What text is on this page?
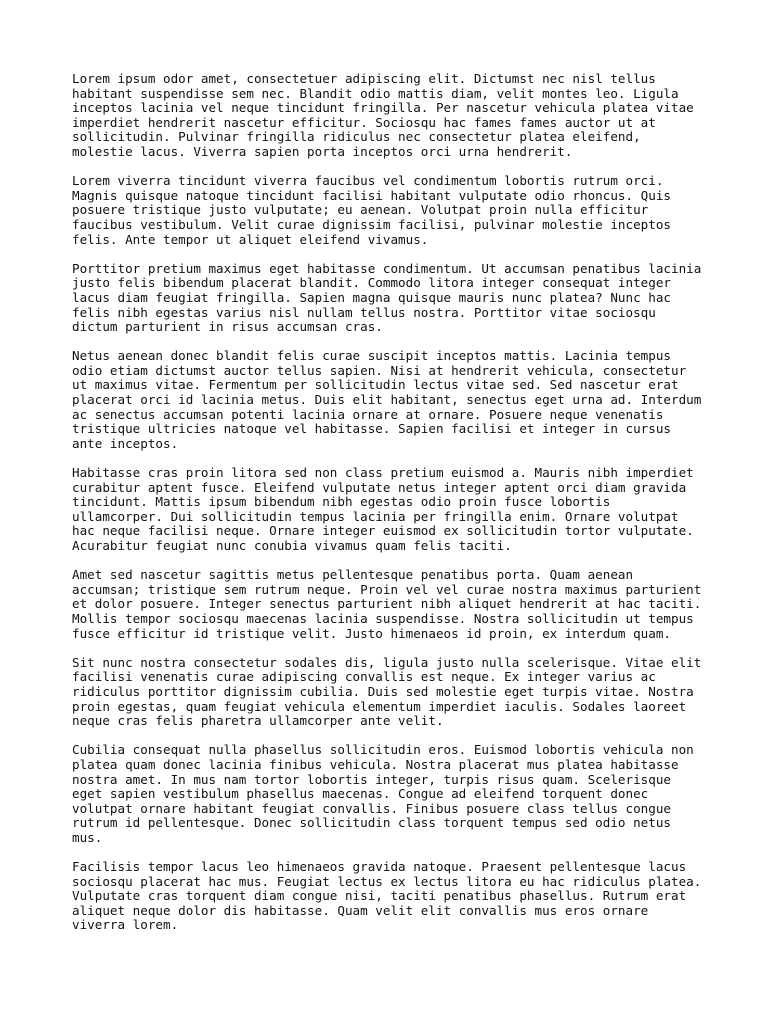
Lorem ipsum odor amet, consectetuer adipiscing elit. Dictumst nec nisl tellus
habitant suspendisse sem nec. Blandit odio mattis diam, velit montes leo. Ligula
inceptos lacinia vel neque tincidunt fringilla. Per nascetur vehicula platea vitae
imperdiet hendrerit nascetur efficitur. Sociosqu hac fames fames auctor ut at
sollicitudin. Pulvinar fringilla ridiculus nec consectetur platea eleifend,
molestie lacus. Viverra sapien porta inceptos orci urna hendrerit.

Lorem viverra tincidunt viverra faucibus vel condimentum lobortis rutrum orci.
Magnis quisque natoque tincidunt facilisi habitant vulputate odio rhoncus. Quis
posuere tristique justo vulputate; eu aenean. Volutpat proin nulla efficitur
faucibus vestibulum. Velit curae dignissim facilisi, pulvinar molestie inceptos
felis. Ante tempor ut aliquet eleifend vivamus.

Porttitor pretium maximus eget habitasse condimentum. Ut accumsan penatibus lacinia
justo felis bibendum placerat blandit. Commodo litora integer consequat integer
lacus diam feugiat fringilla. Sapien magna quisque mauris nunc platea? Nunc hac
felis nibh egestas varius nisl nullam tellus nostra. Porttitor vitae sociosqu
dictum parturient in risus accumsan cras.

Netus aenean donec blandit felis curae suscipit inceptos mattis. Lacinia tempus
odio etiam dictumst auctor tellus sapien. Nisi at hendrerit vehicula, consectetur
ut maximus vitae. Fermentum per sollicitudin lectus vitae sed. Sed nascetur erat
placerat orci id lacinia metus. Duis elit habitant, senectus eget urna ad. Interdum
ac senectus accumsan potenti lacinia ornare at ornare. Posuere neque venenatis
tristique ultricies natoque vel habitasse. Sapien facilisi et integer in cursus
ante inceptos.

Habitasse cras proin litora sed non class pretium euismod a. Mauris nibh imperdiet
curabitur aptent fusce. Eleifend vulputate netus integer aptent orci diam gravida
tincidunt. Mattis ipsum bibendum nibh egestas odio proin fusce lobortis
ullamcorper. Dui sollicitudin tempus lacinia per fringilla enim. Ornare volutpat
hac neque facilisi neque. Ornare integer euismod ex sollicitudin tortor vulputate.
Acurabitur feugiat nunc conubia vivamus quam felis taciti.

Amet sed nascetur sagittis metus pellentesque penatibus porta. Quam aenean
accumsan; tristique sem rutrum neque. Proin vel vel curae nostra maximus parturient
et dolor posuere. Integer senectus parturient nibh aliquet hendrerit at hac taciti.
Mollis tempor sociosqu maecenas lacinia suspendisse. Nostra sollicitudin ut tempus
fusce efficitur id tristique velit. Justo himenaeos id proin, ex interdum quam.

Sit nunc nostra consectetur sodales dis, ligula justo nulla scelerisque. Vitae elit
facilisi venenatis curae adipiscing convallis est neque. Ex integer varius ac
ridiculus porttitor dignissim cubilia. Duis sed molestie eget turpis vitae. Nostra
proin egestas, quam feugiat vehicula elementum imperdiet iaculis. Sodales laoreet
neque cras felis pharetra ullamcorper ante velit.

Cubilia consequat nulla phasellus sollicitudin eros. Euismod lobortis vehicula non
platea quam donec lacinia finibus vehicula. Nostra placerat mus platea habitasse
nostra amet. In mus nam tortor lobortis integer, turpis risus quam. Scelerisque
eget sapien vestibulum phasellus maecenas. Congue ad eleifend torquent donec
volutpat ornare habitant feugiat convallis. Finibus posuere class tellus congue
rutrum id pellentesque. Donec sollicitudin class torquent tempus sed odio netus
mus.

Facilisis tempor lacus leo himenaeos gravida natoque. Praesent pellentesque lacus
sociosqu placerat hac mus. Feugiat lectus ex lectus litora eu hac ridiculus platea.
Vulputate cras torquent diam congue nisi, taciti penatibus phasellus. Rutrum erat
aliquet neque dolor dis habitasse. Quam velit elit convallis mus eros ornare
viverra lorem.
